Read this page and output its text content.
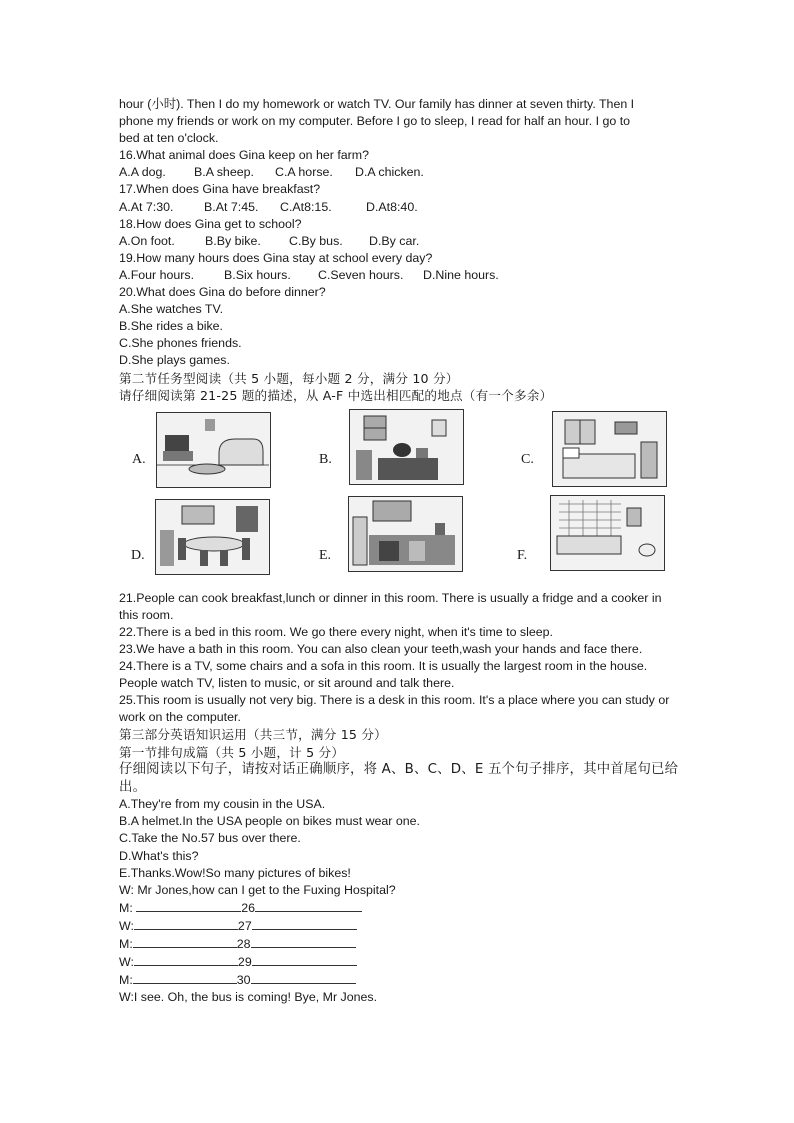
hour (小时). Then I do my homework or watch TV. Our family has dinner at seven thirty. Then I
phone my friends or work on my computer. Before I go to sleep, I read for half an hour. I go to
bed at ten o'clock.
16.What animal does Gina keep on her farm?
A.A dog.	B.A sheep.	C.A horse.	D.A chicken.
17.When does Gina have breakfast?
A.At 7:30.	B.At 7:45.	C.At8:15.	D.At8:40.
18.How does Gina get to school?
A.On foot.	B.By bike.	C.By bus.	D.By car.
19.How many hours does Gina stay at school every day?
A.Four hours.	B.Six hours.	C.Seven hours.	D.Nine hours.
20.What does Gina do before dinner?
A.She watches TV.
B.She rides a bike.
C.She phones friends.
D.She plays games.
第二节任务型阅读（共 5 小题，每小题 2 分，满分 10 分）
请仔细阅读第 21-25 题的描述，从 A-F 中选出相匹配的地点（有一个多余）
A.	B.	C.
D.	E.	F.
21.People can cook breakfast,lunch or dinner in this room. There is usually a fridge and a cooker in this room.
22.There is a bed in this room. We go there every night, when it's time to sleep.
23.We have a bath in this room. You can also clean your teeth,wash your hands and face there.
24.There is a TV, some chairs and a sofa in this room. It is usually the largest room in the house. People watch TV, listen to music, or sit around and talk there.
25.This room is usually not very big. There is a desk in this room. It's a place where you can study or work on the computer.
第三部分英语知识运用（共三节，满分 15 分）
第一节排句成篇（共 5 小题，计 5 分）
仔细阅读以下句子，请按对话正确顺序，将 A、B、C、D、E 五个句子排序，其中首尾句已给
出。
A.They're from my cousin in the USA.
B.A helmet.In the USA people on bikes must wear one.
C.Take the No.57 bus over there.
D.What's this?
E.Thanks.Wow!So many pictures of bikes!
W: Mr Jones,how can I get to the Fuxing Hospital?
M:	26
W:	27
M:	28
W:	29
M:	30
W:I see. Oh, the bus is coming! Bye, Mr Jones.
